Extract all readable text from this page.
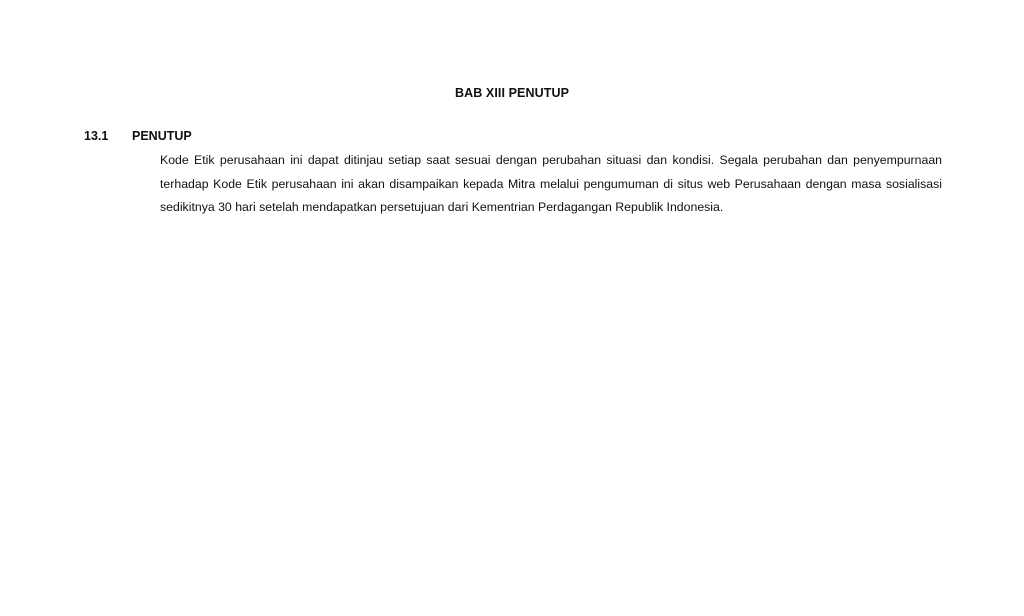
BAB XIII PENUTUP
13.1	PENUTUP

Kode Etik perusahaan ini dapat ditinjau setiap saat sesuai dengan perubahan situasi dan kondisi. Segala perubahan dan penyempurnaan terhadap Kode Etik perusahaan ini akan disampaikan kepada Mitra melalui pengumuman di situs web Perusahaan dengan masa sosialisasi sedikitnya 30 hari setelah mendapatkan persetujuan dari Kementrian Perdagangan Republik Indonesia.
